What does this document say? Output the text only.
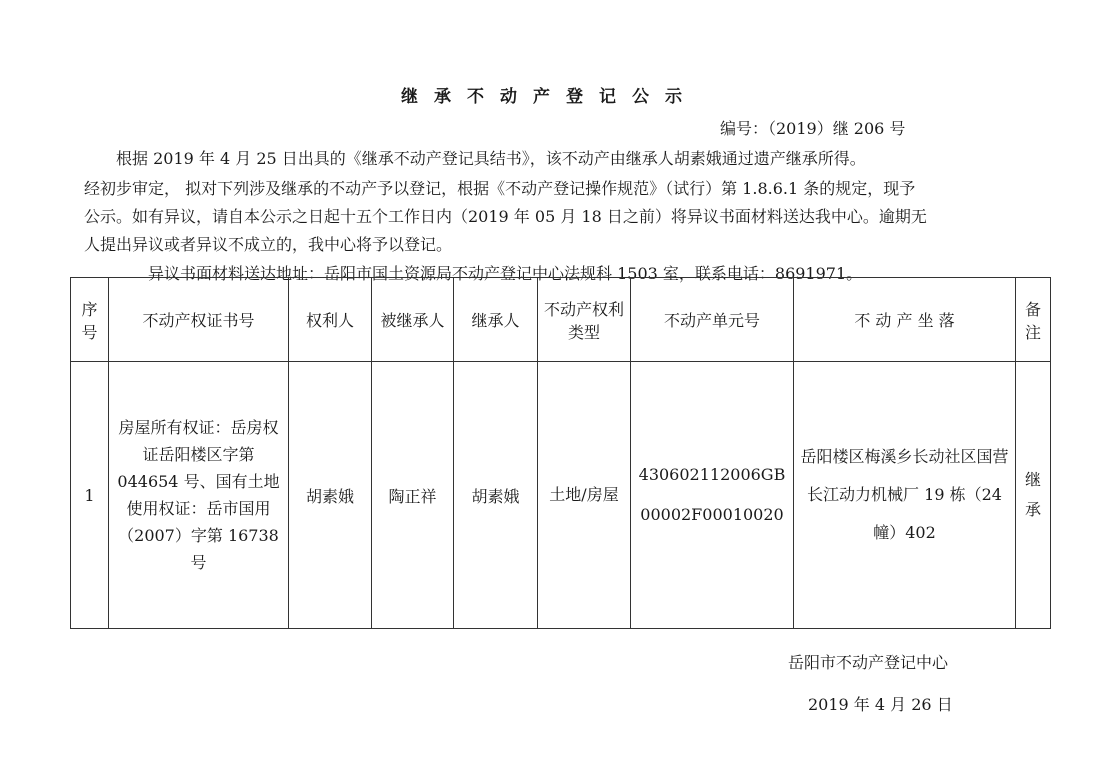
继承不动产登记公示
编号：（2019）继 206 号
根据 2019 年 4 月 25 日出具的《继承不动产登记具结书》，该不动产由继承人胡素娥通过遗产继承所得。
经初步审定， 拟对下列涉及继承的不动产予以登记，根据《不动产登记操作规范》（试行）第 1.8.6.1 条的规定，现予
公示。如有异议，请自本公示之日起十五个工作日内（2019 年 05 月 18 日之前）将异议书面材料送达我中心。逾期无
人提出异议或者异议不成立的，我中心将予以登记。
异议书面材料送达地址：岳阳市国土资源局不动产登记中心法规科 1503 室，联系电话：8691971。
序号	不动产权证书号	权利人	被继承人	继承人	不动产权利类型	不动产单元号	不 动 产 坐 落	备注
1	房屋所有权证：岳房权证岳阳楼区字第 044654 号、国有土地使用权证：岳市国用（2007）字第 16738 号	胡素娥	陶正祥	胡素娥	土地/房屋	430602112006GB00002F00010020	岳阳楼区梅溪乡长动社区国营长江动力机械厂 19 栋（24 幢）402	继承
岳阳市不动产登记中心
2019 年 4 月 26 日
